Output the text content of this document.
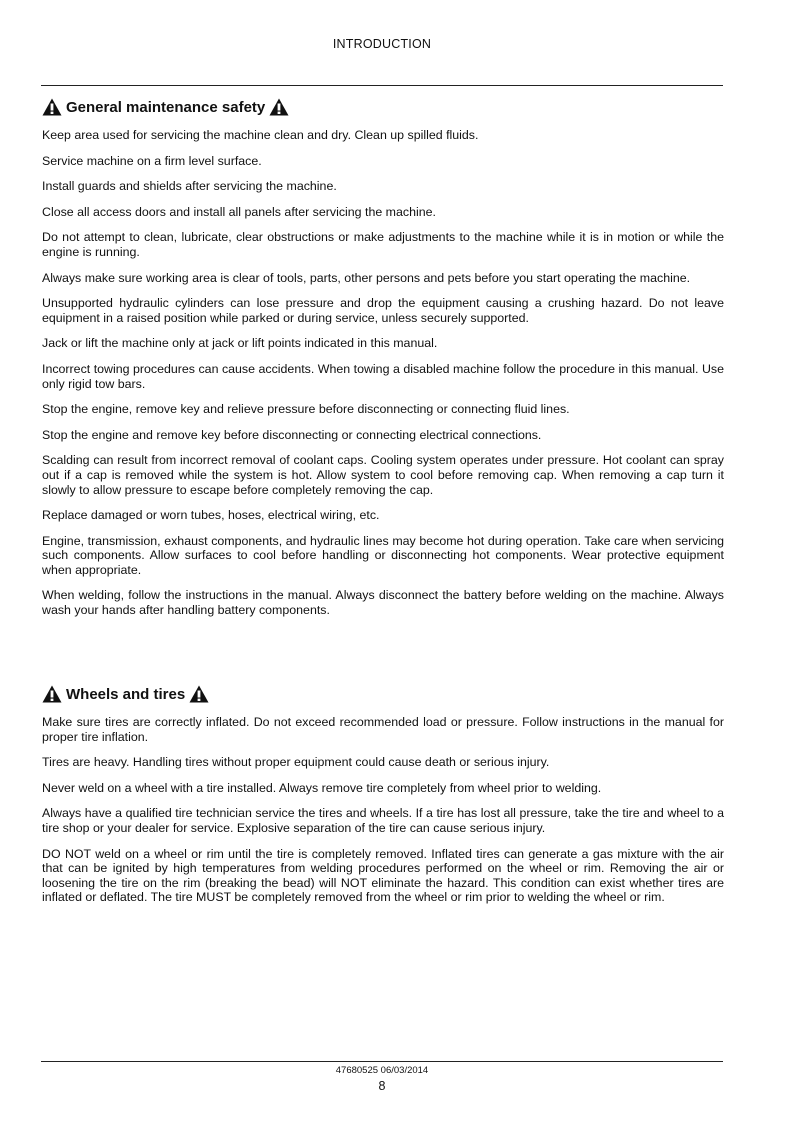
INTRODUCTION
General maintenance safety

Keep area used for servicing the machine clean and dry. Clean up spilled fluids.

Service machine on a firm level surface.

Install guards and shields after servicing the machine.

Close all access doors and install all panels after servicing the machine.

Do not attempt to clean, lubricate, clear obstructions or make adjustments to the machine while it is in motion or while the engine is running.

Always make sure working area is clear of tools, parts, other persons and pets before you start operating the machine.

Unsupported hydraulic cylinders can lose pressure and drop the equipment causing a crushing hazard. Do not leave equipment in a raised position while parked or during service, unless securely supported.

Jack or lift the machine only at jack or lift points indicated in this manual.

Incorrect towing procedures can cause accidents. When towing a disabled machine follow the procedure in this manual. Use only rigid tow bars.

Stop the engine, remove key and relieve pressure before disconnecting or connecting fluid lines.

Stop the engine and remove key before disconnecting or connecting electrical connections.

Scalding can result from incorrect removal of coolant caps. Cooling system operates under pressure. Hot coolant can spray out if a cap is removed while the system is hot. Allow system to cool before removing cap. When removing a cap turn it slowly to allow pressure to escape before completely removing the cap.

Replace damaged or worn tubes, hoses, electrical wiring, etc.

Engine, transmission, exhaust components, and hydraulic lines may become hot during operation. Take care when servicing such components. Allow surfaces to cool before handling or disconnecting hot components. Wear protective equipment when appropriate.

When welding, follow the instructions in the manual. Always disconnect the battery before welding on the machine. Always wash your hands after handling battery components.

Wheels and tires

Make sure tires are correctly inflated. Do not exceed recommended load or pressure. Follow instructions in the manual for proper tire inflation.

Tires are heavy. Handling tires without proper equipment could cause death or serious injury.

Never weld on a wheel with a tire installed. Always remove tire completely from wheel prior to welding.

Always have a qualified tire technician service the tires and wheels. If a tire has lost all pressure, take the tire and wheel to a tire shop or your dealer for service. Explosive separation of the tire can cause serious injury.

DO NOT weld on a wheel or rim until the tire is completely removed. Inflated tires can generate a gas mixture with the air that can be ignited by high temperatures from welding procedures performed on the wheel or rim. Removing the air or loosening the tire on the rim (breaking the bead) will NOT eliminate the hazard. This condition can exist whether tires are inflated or deflated. The tire MUST be completely removed from the wheel or rim prior to welding the wheel or rim.

47680525 06/03/2014
8
